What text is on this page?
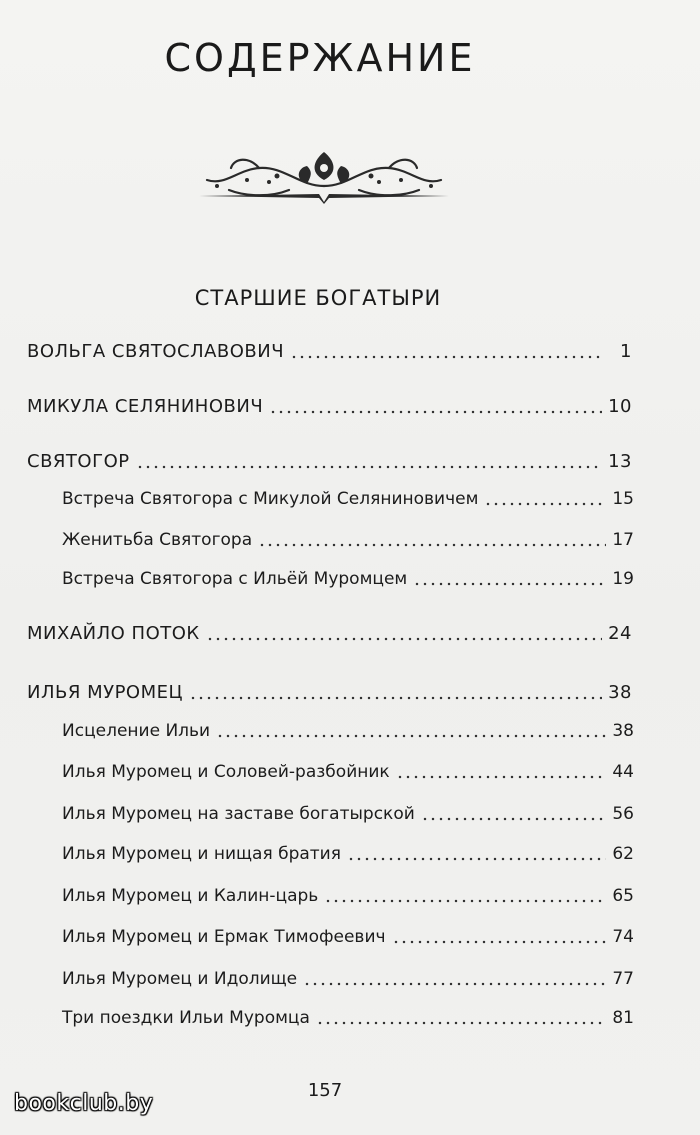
СОДЕРЖАНИЕ
СТАРШИЕ БОГАТЫРИ
ВОЛЬГА СВЯТОСЛАВОВИЧ	1
МИКУЛА СЕЛЯНИНОВИЧ	10
СВЯТОГОР	13
Встреча Святогора с Микулой Селяниновичем	15
Женитьба Святогора	17
Встреча Святогора с Ильёй Муромцем	19
МИХАЙЛО ПОТОК	24
ИЛЬЯ МУРОМЕЦ	38
Исцеление Ильи	38
Илья Муромец и Соловей-разбойник	44
Илья Муромец на заставе богатырской	56
Илья Муромец и нищая братия	62
Илья Муромец и Калин-царь	65
Илья Муромец и Ермак Тимофеевич	74
Илья Муромец и Идолище	77
Три поездки Ильи Муромца	81
157
bookclub.by
